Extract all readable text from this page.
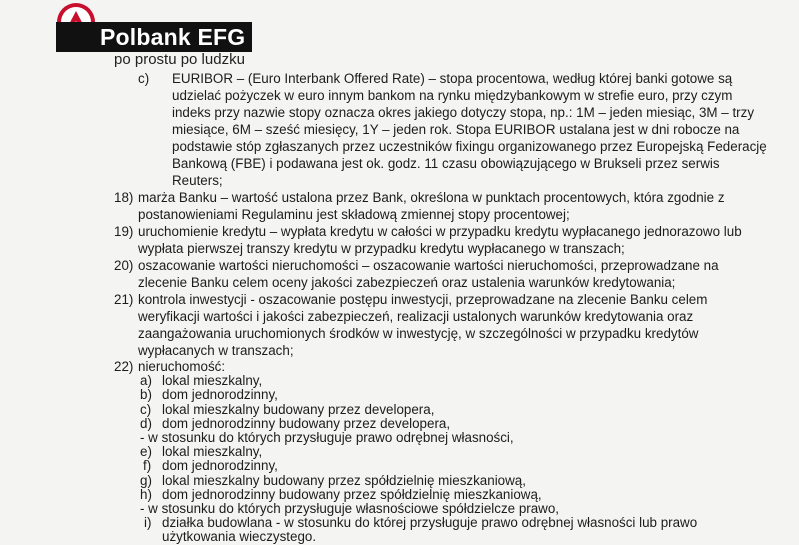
Polbank EFG
po prostu po ludzku
c) EURIBOR – (Euro Interbank Offered Rate) – stopa procentowa, według której banki gotowe są
udzielać pożyczek w euro innym bankom na rynku międzybankowym w strefie euro, przy czym
indeks przy nazwie stopy oznacza okres jakiego dotyczy stopa, np.: 1M – jeden miesiąc, 3M – trzy
miesiące, 6M – sześć miesięcy, 1Y – jeden rok. Stopa EURIBOR ustalana jest w dni robocze na
podstawie stóp zgłaszanych przez uczestników fixingu organizowanego przez Europejską Federację
Bankową (FBE) i podawana jest ok. godz. 11 czasu obowiązującego w Brukseli przez serwis
Reuters;
18) marża Banku – wartość ustalona przez Bank, określona w punktach procentowych, która zgodnie z
postanowieniami Regulaminu jest składową zmiennej stopy procentowej;
19) uruchomienie kredytu – wypłata kredytu w całości w przypadku kredytu wypłacanego jednorazowo lub
wypłata pierwszej transzy kredytu w przypadku kredytu wypłacanego w transzach;
20) oszacowanie wartości nieruchomości – oszacowanie wartości nieruchomości, przeprowadzane na
zlecenie Banku celem oceny jakości zabezpieczeń oraz ustalenia warunków kredytowania;
21) kontrola inwestycji - oszacowanie postępu inwestycji, przeprowadzane na zlecenie Banku celem
weryfikacji wartości i jakości zabezpieczeń, realizacji ustalonych warunków kredytowania oraz
zaangażowania uruchomionych środków w inwestycję, w szczególności w przypadku kredytów
wypłacanych w transzach;
22) nieruchomość:
a) lokal mieszkalny,
b) dom jednorodzinny,
c) lokal mieszkalny budowany przez developera,
d) dom jednorodzinny budowany przez developera,
- w stosunku do których przysługuje prawo odrębnej własności,
e) lokal mieszkalny,
f) dom jednorodzinny,
g) lokal mieszkalny budowany przez spółdzielnię mieszkaniową,
h) dom jednorodzinny budowany przez spółdzielnię mieszkaniową,
- w stosunku do których przysługuje własnościowe spółdzielcze prawo,
i) działka budowlana - w stosunku do której przysługuje prawo odrębnej własności lub prawo
użytkowania wieczystego.
